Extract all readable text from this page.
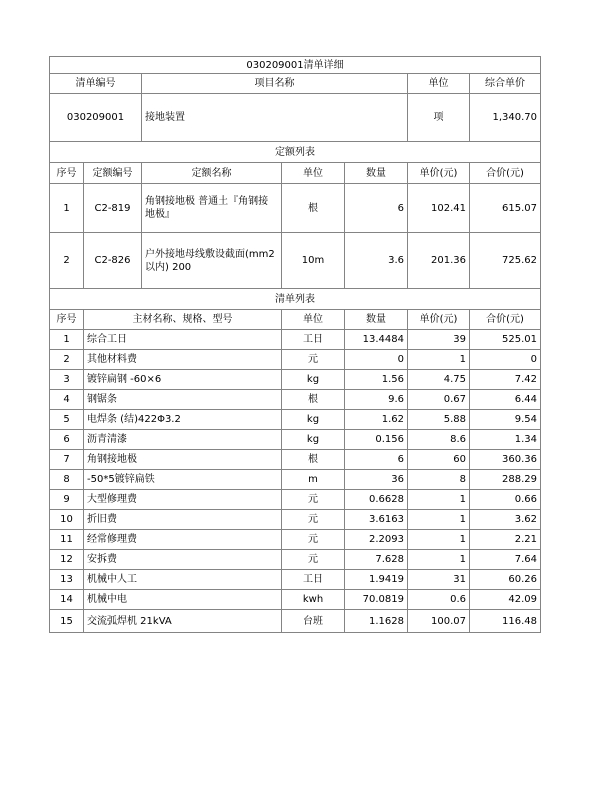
030209001清单详细						
清单编号		项目名称			单位	综合单价
030209001		接地装置			项	1,340.70
定额列表						
序号	定额编号	定额名称	单位	数量	单价(元)	合价(元)
1	C2-819	角钢接地极 普通土『角钢接地极』	根	6	102.41	615.07
2	C2-826	户外接地母线敷设截面(mm2以内) 200	10m	3.6	201.36	725.62
清单列表						
序号	主材名称、规格、型号		单位	数量	单价(元)	合价(元)
1	综合工日		工日	13.4484	39	525.01
2	其他材料费		元	0	1	0
3	镀锌扁钢 -60×6		kg	1.56	4.75	7.42
4	钢锯条		根	9.6	0.67	6.44
5	电焊条 (结)422Φ3.2		kg	1.62	5.88	9.54
6	沥青清漆		kg	0.156	8.6	1.34
7	角钢接地极		根	6	60	360.36
8	-50*5镀锌扁铁		m	36	8	288.29
9	大型修理费		元	0.6628	1	0.66
10	折旧费		元	3.6163	1	3.62
11	经常修理费		元	2.2093	1	2.21
12	安拆费		元	7.628	1	7.64
13	机械中人工		工日	1.9419	31	60.26
14	机械中电		kwh	70.0819	0.6	42.09
15	交流弧焊机 21kVA		台班	1.1628	100.07	116.48
